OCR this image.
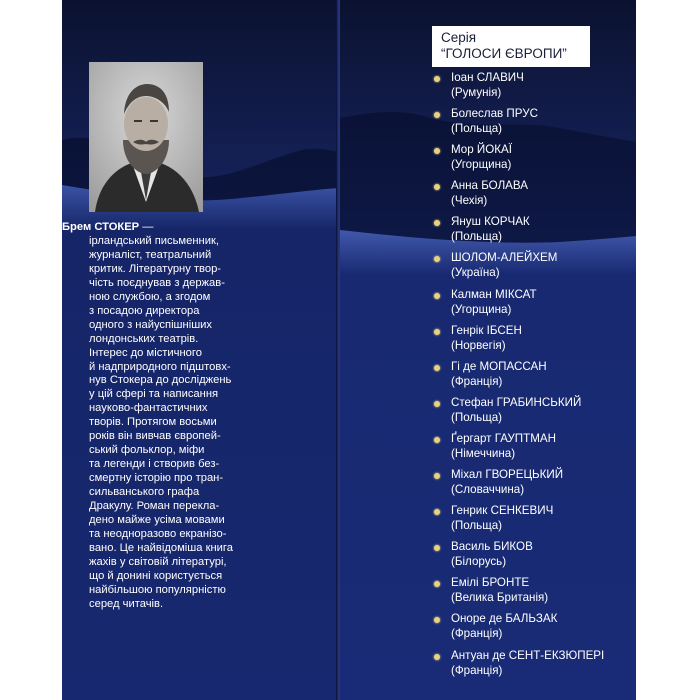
Брем СТОКЕР —
ірландський письменник,
журналіст, театральний
критик. Літературну твор-
чість поєднував з держав-
ною службою, а згодом
з посадою директора
одного з найуспішніших
лондонських театрів.
Інтерес до містичного
й надприродного підштовх-
нув Стокера до досліджень
у цій сфері та написання
науково-фантастичних
творів. Протягом восьми
років він вивчав європей-
ський фольклор, міфи
та легенди і створив без-
смертну історію про тран-
сильванського графа
Дракулу. Роман перекла-
дено майже усіма мовами
та неодноразово екранізо-
вано. Це найвідоміша книга
жахів у світовій літературі,
що й донині користується
найбільшою популярністю
серед читачів.
Серія
“ГОЛОСИ ЄВРОПИ”
Іоан СЛАВИЧ
(Румунія)
Болеслав ПРУС
(Польща)
Мор ЙОКАЇ
(Угорщина)
Анна БОЛАВА
(Чехія)
Януш КОРЧАК
(Польща)
ШОЛОМ-АЛЕЙХЕМ
(Україна)
Калман МІКСАТ
(Угорщина)
Генрік ІБСЕН
(Норвегія)
Гі де МОПАССАН
(Франція)
Стефан ГРАБИНСЬКИЙ
(Польща)
Ґергарт ГАУПТМАН
(Німеччина)
Міхал ГВОРЕЦЬКИЙ
(Словаччина)
Генрик СЕНКЕВИЧ
(Польща)
Василь БИКОВ
(Білорусь)
Емілі БРОНТЕ
(Велика Британія)
Оноре де БАЛЬЗАК
(Франція)
Антуан де СЕНТ-ЕКЗЮПЕРІ
(Франція)
